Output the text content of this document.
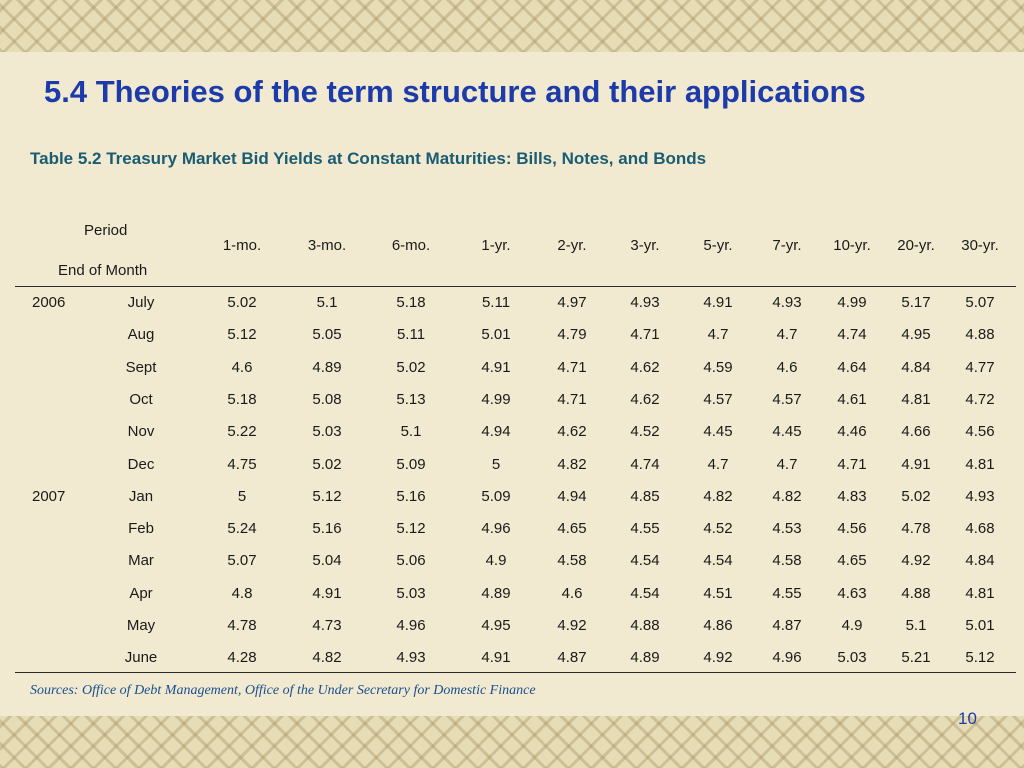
5.4 Theories of the term structure and their applications
Table 5.2 Treasury Market Bid Yields at Constant Maturities: Bills, Notes, and Bonds
Period
End of Month
1-mo.	3-mo.	6-mo.	1-yr.	2-yr.	3-yr.	5-yr.	7-yr. 10-yr. 20-yr. 30-yr.
2006	July	5.02	5.1	5.18	5.11	4.97	4.93	4.91	4.93 4.99 5.17 5.07
Aug	5.12	5.05	5.11	5.01	4.79	4.71	4.7	4.7	4.74 4.95 4.88
Sept	4.6	4.89	5.02	4.91	4.71	4.62	4.59	4.6	4.64 4.84 4.77
Oct	5.18	5.08	5.13	4.99	4.71	4.62	4.57	4.57 4.61 4.81 4.72
Nov	5.22	5.03	5.1	4.94	4.62	4.52	4.45	4.45 4.46 4.66 4.56
Dec	4.75	5.02	5.09	5	4.82	4.74	4.7	4.7	4.71 4.91 4.81
2007	Jan	5	5.12	5.16	5.09	4.94	4.85	4.82	4.82 4.83 5.02 4.93
Feb	5.24	5.16	5.12	4.96	4.65	4.55	4.52	4.53 4.56 4.78 4.68
Mar	5.07	5.04	5.06	4.9	4.58	4.54	4.54	4.58 4.65 4.92 4.84
Apr	4.8	4.91	5.03	4.89	4.6	4.54	4.51	4.55 4.63 4.88 4.81
May	4.78	4.73	4.96	4.95	4.92	4.88	4.86	4.87	4.9	5.1	5.01
June	4.28	4.82	4.93	4.91	4.87	4.89	4.92	4.96 5.03 5.21 5.12
Sources: Office of Debt Management, Office of the Under Secretary for Domestic Finance
10
